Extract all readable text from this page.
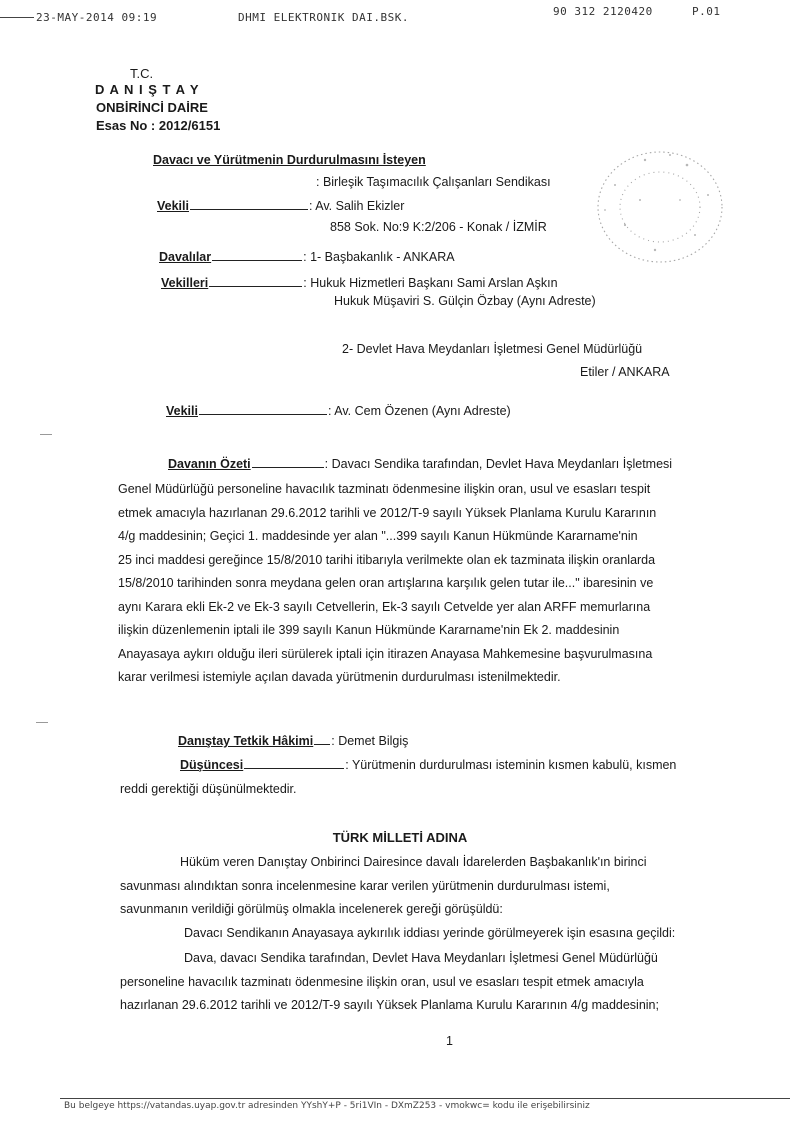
23-MAY-2014 09:19	DHMI ELEKTRONIK DAI.BSK.	90 312 2120420	P.01
T.C.
D A N I Ş T A Y
ONBİRİNCİ DAİRE
Esas No : 2012/6151
Davacı ve Yürütmenin Durdurulmasını İsteyen
: Birleşik Taşımacılık Çalışanları Sendikası
Vekili	: Av. Salih Ekizler
858 Sok. No:9 K:2/206 - Konak / İZMİR
Davalılar	: 1- Başbakanlık - ANKARA
Vekilleri	: Hukuk Hizmetleri Başkanı Sami Arslan Aşkın
Hukuk Müşaviri S. Gülçin Özbay (Aynı Adreste)
2- Devlet Hava Meydanları İşletmesi Genel Müdürlüğü
Etiler / ANKARA
Vekili	: Av. Cem Özenen (Aynı Adreste)
Davanın Özeti	: Davacı Sendika tarafından, Devlet Hava Meydanları İşletmesi
Genel Müdürlüğü personeline havacılık tazminatı ödenmesine ilişkin oran, usul ve esasları tespit
etmek amacıyla hazırlanan 29.6.2012 tarihli ve 2012/T-9 sayılı Yüksek Planlama Kurulu Kararının
4/g maddesinin; Geçici 1. maddesinde yer alan "...399 sayılı Kanun Hükmünde Kararname'nin
25 inci maddesi gereğince 15/8/2010 tarihi itibarıyla verilmekte olan ek tazminata ilişkin oranlarda
15/8/2010 tarihinden sonra meydana gelen oran artışlarına karşılık gelen tutar ile..." ibaresinin ve
aynı Karara ekli Ek-2 ve Ek-3 sayılı Cetvellerin, Ek-3 sayılı Cetvelde yer alan ARFF memurlarına
ilişkin düzenlemenin iptali ile 399 sayılı Kanun Hükmünde Kararname'nin Ek 2. maddesinin
Anayasaya aykırı olduğu ileri sürülerek iptali için itirazen Anayasa Mahkemesine başvurulmasına
karar verilmesi istemiyle açılan davada yürütmenin durdurulması istenilmektedir.
Danıştay Tetkik Hâkimi : Demet Bilgiş
Düşüncesi	: Yürütmenin durdurulması isteminin kısmen kabulü, kısmen
reddi gerektiği düşünülmektedir.
TÜRK MİLLETİ ADINA
Hüküm veren Danıştay Onbirinci Dairesince davalı İdarelerden Başbakanlık'ın birinci
savunması alındıktan sonra incelenmesine karar verilen yürütmenin durdurulması istemi,
savunmanın verildiği görülmüş olmakla incelenerek gereği görüşüldü:
Davacı Sendikanın Anayasaya aykırılık iddiası yerinde görülmeyerek işin esasına geçildi:
Dava, davacı Sendika tarafından, Devlet Hava Meydanları İşletmesi Genel Müdürlüğü
personeline havacılık tazminatı ödenmesine ilişkin oran, usul ve esasları tespit etmek amacıyla
hazırlanan 29.6.2012 tarihli ve 2012/T-9 sayılı Yüksek Planlama Kurulu Kararının 4/g maddesinin;
1
Bu belgeye https://vatandas.uyap.gov.tr adresinden YYshY+P - 5ri1VIn - DXmZ253 - vmokwc= kodu ile erişebilirsiniz
